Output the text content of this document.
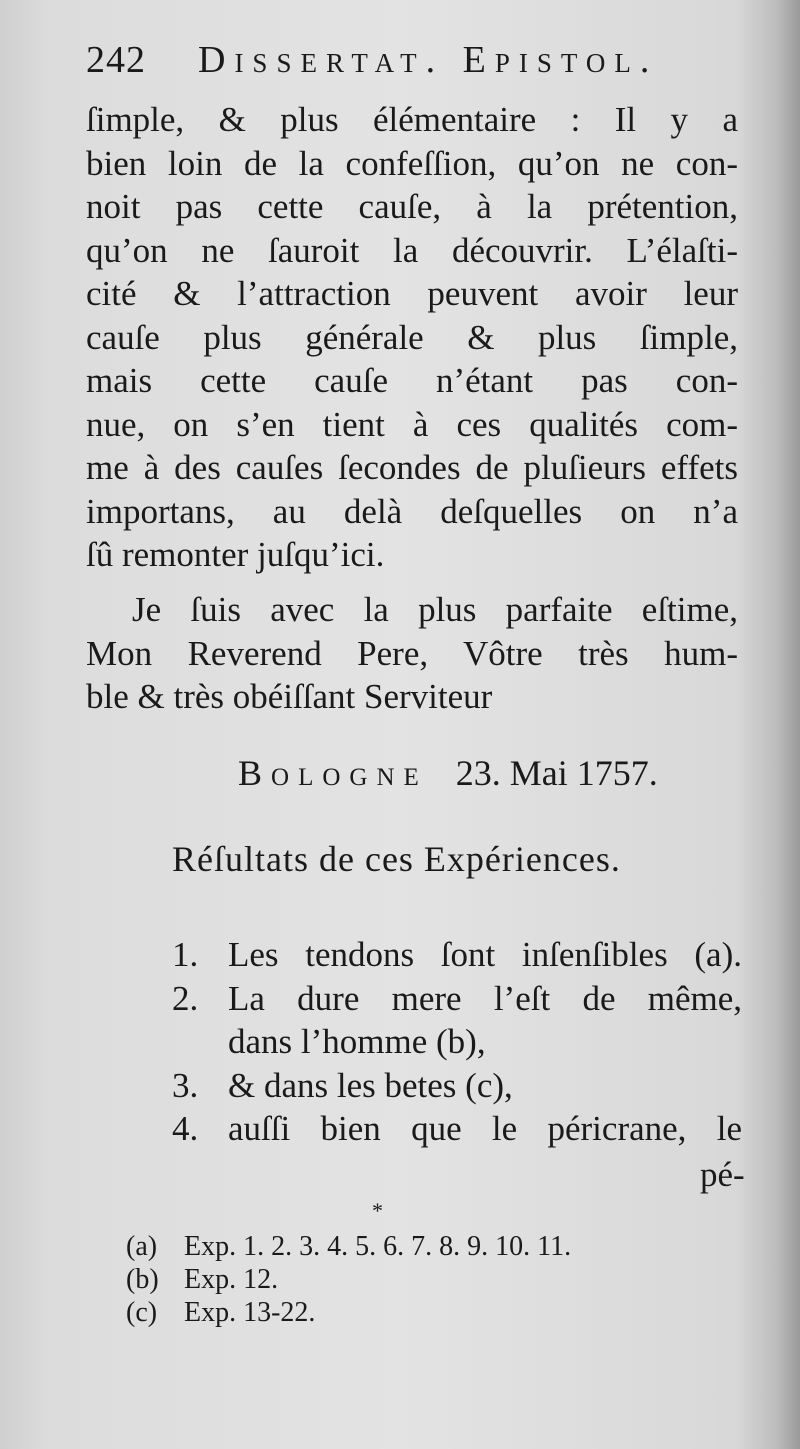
242 Dissertat. Epistol.
ſimple, & plus élémentaire : Il y a
bien loin de la confeſſion, qu’on ne con-
noit pas cette cauſe, à la prétention,
qu’on ne ſauroit la découvrir. L’élaſti-
cité & l’attraction peuvent avoir leur
cauſe plus générale & plus ſimple,
mais cette cauſe n’étant pas con-
nue, on s’en tient à ces qualités com-
me à des cauſes ſecondes de pluſieurs effets
importans, au delà deſquelles on n’a
ſû remonter juſqu’ici.
Je ſuis avec la plus parfaite eſtime,
Mon Reverend Pere, Vôtre très hum-
ble & très obéiſſant Serviteur
Bologne 23. Mai 1757.
Réſultats de ces Expériences.
1. Les tendons ſont inſenſibles (a).
2. La dure mere l’eſt de même,
dans l’homme (b),
3. & dans les betes (c),
4. auſſi bien que le péricrane, le
pé-
*
(a) Exp. 1. 2. 3. 4. 5. 6. 7. 8. 9. 10. 11.
(b) Exp. 12.
(c) Exp. 13-22.
